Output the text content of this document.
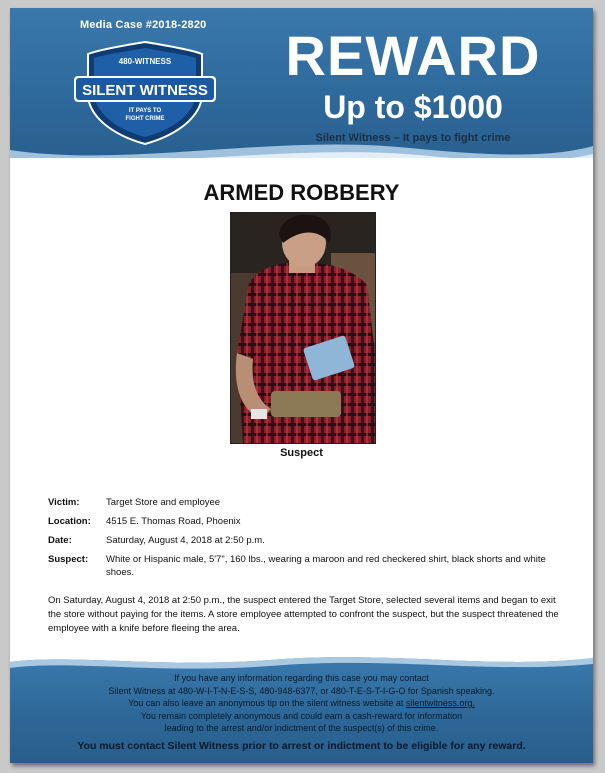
Media Case #2018-2820
480-WITNESS
SILENT WITNESS
IT PAYS TO
FIGHT CRIME
REWARD
Up to $1000
Silent Witness – It pays to fight crime
ARMED ROBBERY
Suspect
Victim:	Target Store and employee
Location:	4515 E. Thomas Road, Phoenix
Date:	Saturday, August 4, 2018 at 2:50 p.m.
Suspect:	White or Hispanic male, 5'7", 160 lbs., wearing a maroon and red checkered shirt, black shorts and white shoes.
On Saturday, August 4, 2018 at 2:50 p.m., the suspect entered the Target Store, selected several items and began to exit the store without paying for the items. A store employee attempted to confront the suspect, but the suspect threatened the employee with a knife before fleeing the area.
If you have any information regarding this case you may contact
Silent Witness at 480-W-I-T-N-E-S-S, 480-948-6377, or 480-T-E-S-T-I-G-O for Spanish speaking.
You can also leave an anonymous tip on the silent witness website at silentwitness.org.
You remain completely anonymous and could earn a cash-reward for information
leading to the arrest and/or indictment of the suspect(s) of this crime.
You must contact Silent Witness prior to arrest or indictment to be eligible for any reward.
